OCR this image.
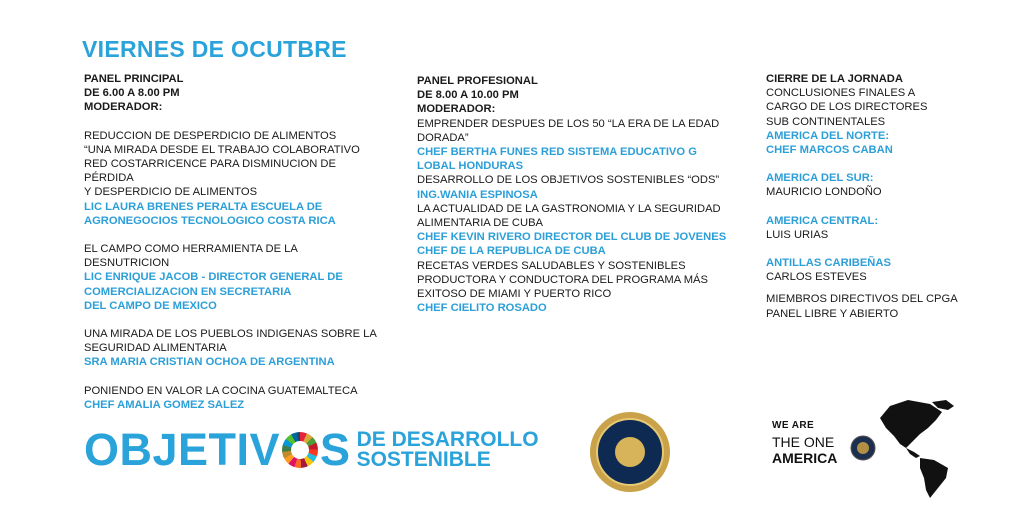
VIERNES DE OCUTBRE

PANEL PRINCIPAL

DE 6.00 A 8.00 PM

MODERADOR:

REDUCCION DE DESPERDICIO DE ALIMENTOS

“UNA MIRADA DESDE EL TRABAJO COLABORATIVO

RED COSTARRICENCE PARA DISMINUCION DE PÉRDIDA

Y DESPERDICIO DE ALIMENTOS

LIC LAURA BRENES PERALTA ESCUELA DE

AGRONEGOCIOS TECNOLOGICO COSTA RICA

EL CAMPO COMO HERRAMIENTA DE LA DESNUTRICION

LIC ENRIQUE JACOB - DIRECTOR GENERAL DE

COMERCIALIZACION EN SECRETARIA

DEL CAMPO DE MEXICO

UNA MIRADA DE LOS PUEBLOS INDIGENAS SOBRE LA

SEGURIDAD ALIMENTARIA

SRA MARIA CRISTIAN OCHOA DE ARGENTINA

PONIENDO EN VALOR LA COCINA GUATEMALTECA

CHEF AMALIA GOMEZ SALEZ

PANEL PROFESIONAL

DE 8.00 A 10.00 PM

MODERADOR:

EMPRENDER DESPUES DE LOS 50 “LA ERA DE LA EDAD

DORADA”

CHEF BERTHA FUNES RED SISTEMA EDUCATIVO G

LOBAL HONDURAS

DESARROLLO DE LOS OBJETIVOS SOSTENIBLES “ODS”

ING.WANIA ESPINOSA

LA ACTUALIDAD DE LA GASTRONOMIA Y LA SEGURIDAD

ALIMENTARIA DE CUBA

CHEF KEVIN RIVERO DIRECTOR DEL CLUB DE JOVENES

CHEF DE LA REPUBLICA DE CUBA

RECETAS VERDES SALUDABLES Y SOSTENIBLES

PRODUCTORA Y CONDUCTORA DEL PROGRAMA MÁS

EXITOSO DE MIAMI Y PUERTO RICO

CHEF CIELITO ROSADO

CIERRE DE LA JORNADA

CONCLUSIONES FINALES A

CARGO DE LOS DIRECTORES

SUB CONTINENTALES

AMERICA DEL NORTE:

CHEF MARCOS CABAN

AMERICA DEL SUR:

MAURICIO LONDOÑO

AMERICA CENTRAL:

LUIS URIAS

ANTILLAS CARIBEÑAS

CARLOS ESTEVES

MIEMBROS DIRECTIVOS DEL CPGA

PANEL LIBRE Y ABIERTO

OBJETIV S DE DESARROLLO
SOSTENIBLE
WE ARE
THE ONE
AMERICA
